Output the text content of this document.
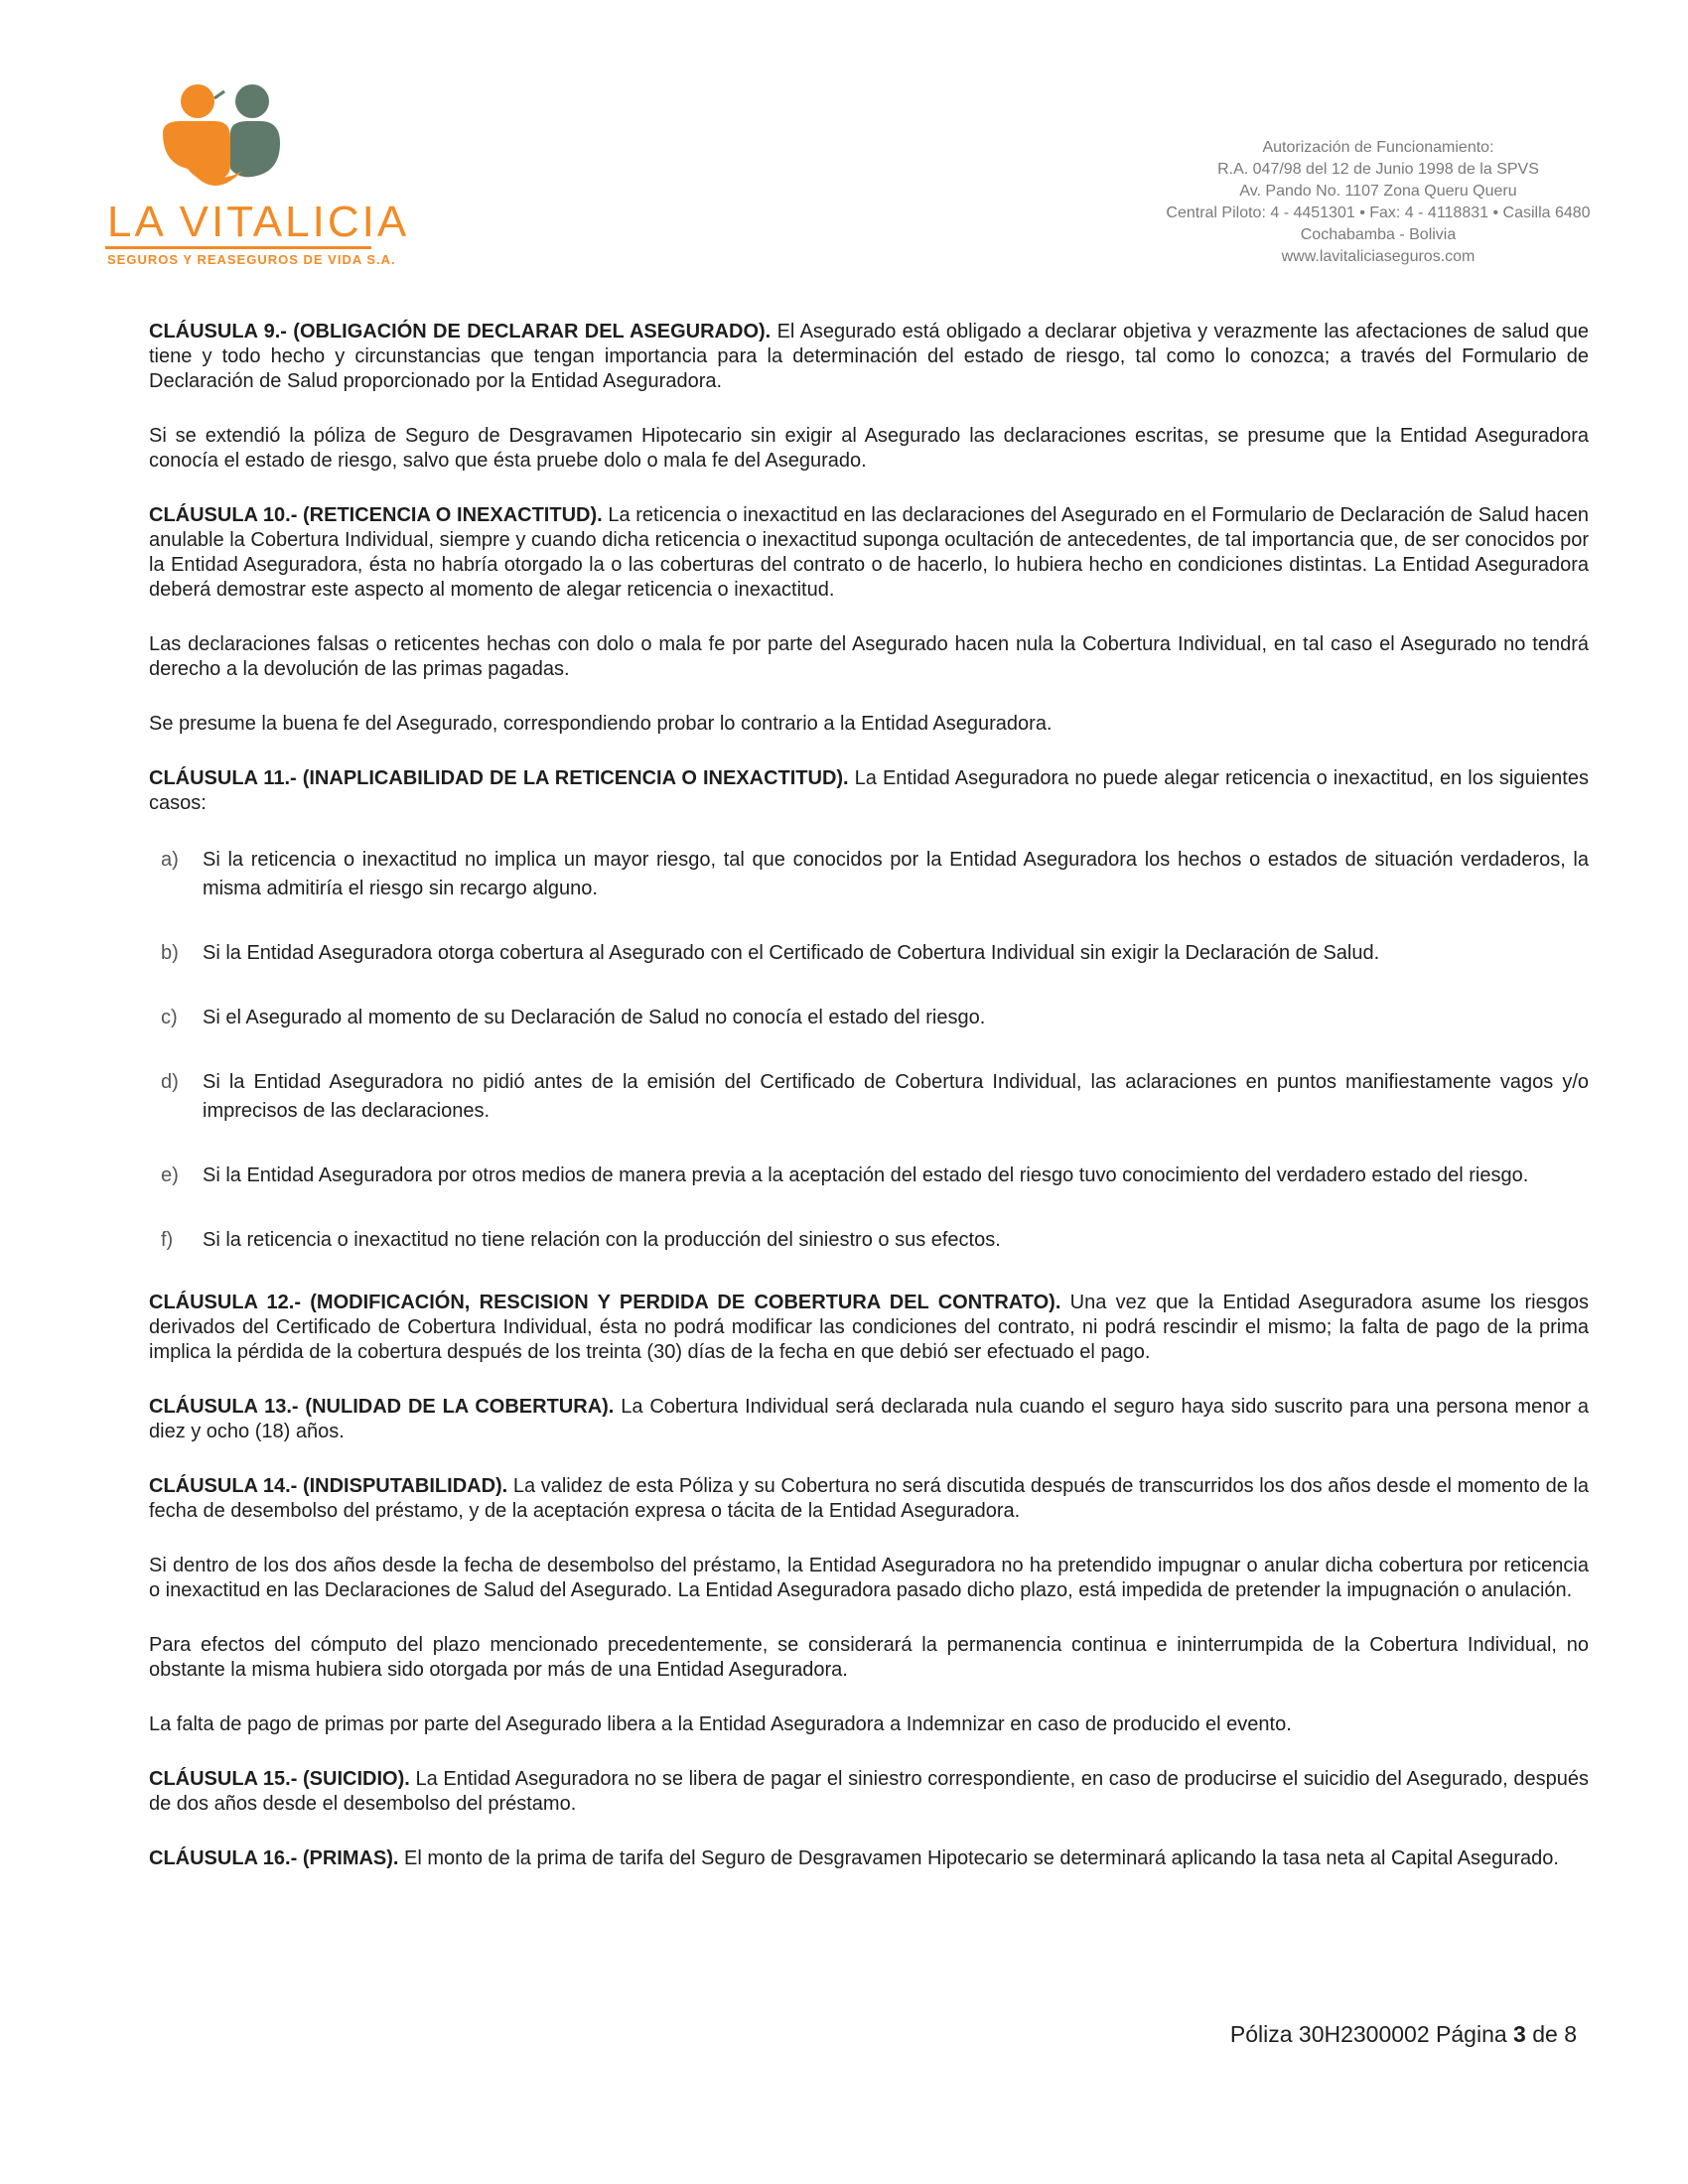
LA VITALICIA
SEGUROS Y REASEGUROS DE VIDA S.A.
Autorización de Funcionamiento:
R.A. 047/98 del 12 de Junio 1998 de la SPVS
Av. Pando No. 1107 Zona Queru Queru
Central Piloto: 4 - 4451301 • Fax: 4 - 4118831 • Casilla 6480
Cochabamba - Bolivia
www.lavitaliciaseguros.com

CLÁUSULA 9.- (OBLIGACIÓN DE DECLARAR DEL ASEGURADO). El Asegurado está obligado a declarar objetiva y verazmente las afectaciones de salud que tiene y todo hecho y circunstancias que tengan importancia para la determinación del estado de riesgo, tal como lo conozca; a través del Formulario de Declaración de Salud proporcionado por la Entidad Aseguradora.

Si se extendió la póliza de Seguro de Desgravamen Hipotecario sin exigir al Asegurado las declaraciones escritas, se presume que la Entidad Aseguradora conocía el estado de riesgo, salvo que ésta pruebe dolo o mala fe del Asegurado.

CLÁUSULA 10.- (RETICENCIA O INEXACTITUD). La reticencia o inexactitud en las declaraciones del Asegurado en el Formulario de Declaración de Salud hacen anulable la Cobertura Individual, siempre y cuando dicha reticencia o inexactitud suponga ocultación de antecedentes, de tal importancia que, de ser conocidos por la Entidad Aseguradora, ésta no habría otorgado la o las coberturas del contrato o de hacerlo, lo hubiera hecho en condiciones distintas. La Entidad Aseguradora deberá demostrar este aspecto al momento de alegar reticencia o inexactitud.

Las declaraciones falsas o reticentes hechas con dolo o mala fe por parte del Asegurado hacen nula la Cobertura Individual, en tal caso el Asegurado no tendrá derecho a la devolución de las primas pagadas.

Se presume la buena fe del Asegurado, correspondiendo probar lo contrario a la Entidad Aseguradora.

CLÁUSULA 11.- (INAPLICABILIDAD DE LA RETICENCIA O INEXACTITUD). La Entidad Aseguradora no puede alegar reticencia o inexactitud, en los siguientes casos:

a) Si la reticencia o inexactitud no implica un mayor riesgo, tal que conocidos por la Entidad Aseguradora los hechos o estados de situación verdaderos, la misma admitiría el riesgo sin recargo alguno.
b) Si la Entidad Aseguradora otorga cobertura al Asegurado con el Certificado de Cobertura Individual sin exigir la Declaración de Salud.
c) Si el Asegurado al momento de su Declaración de Salud no conocía el estado del riesgo.
d) Si la Entidad Aseguradora no pidió antes de la emisión del Certificado de Cobertura Individual, las aclaraciones en puntos manifiestamente vagos y/o imprecisos de las declaraciones.
e) Si la Entidad Aseguradora por otros medios de manera previa a la aceptación del estado del riesgo tuvo conocimiento del verdadero estado del riesgo.
f) Si la reticencia o inexactitud no tiene relación con la producción del siniestro o sus efectos.

CLÁUSULA 12.- (MODIFICACIÓN, RESCISION Y PERDIDA DE COBERTURA DEL CONTRATO). Una vez que la Entidad Aseguradora asume los riesgos derivados del Certificado de Cobertura Individual, ésta no podrá modificar las condiciones del contrato, ni podrá rescindir el mismo; la falta de pago de la prima implica la pérdida de la cobertura después de los treinta (30) días de la fecha en que debió ser efectuado el pago.

CLÁUSULA 13.- (NULIDAD DE LA COBERTURA). La Cobertura Individual será declarada nula cuando el seguro haya sido suscrito para una persona menor a diez y ocho (18) años.

CLÁUSULA 14.- (INDISPUTABILIDAD). La validez de esta Póliza y su Cobertura no será discutida después de transcurridos los dos años desde el momento de la fecha de desembolso del préstamo, y de la aceptación expresa o tácita de la Entidad Aseguradora.

Si dentro de los dos años desde la fecha de desembolso del préstamo, la Entidad Aseguradora no ha pretendido impugnar o anular dicha cobertura por reticencia o inexactitud en las Declaraciones de Salud del Asegurado. La Entidad Aseguradora pasado dicho plazo, está impedida de pretender la impugnación o anulación.

Para efectos del cómputo del plazo mencionado precedentemente, se considerará la permanencia continua e ininterrumpida de la Cobertura Individual, no obstante la misma hubiera sido otorgada por más de una Entidad Aseguradora.

La falta de pago de primas por parte del Asegurado libera a la Entidad Aseguradora a Indemnizar en caso de producido el evento.

CLÁUSULA 15.- (SUICIDIO). La Entidad Aseguradora no se libera de pagar el siniestro correspondiente, en caso de producirse el suicidio del Asegurado, después de dos años desde el desembolso del préstamo.

CLÁUSULA 16.- (PRIMAS). El monto de la prima de tarifa del Seguro de Desgravamen Hipotecario se determinará aplicando la tasa neta al Capital Asegurado.

Póliza 30H2300002 Página 3 de 8
